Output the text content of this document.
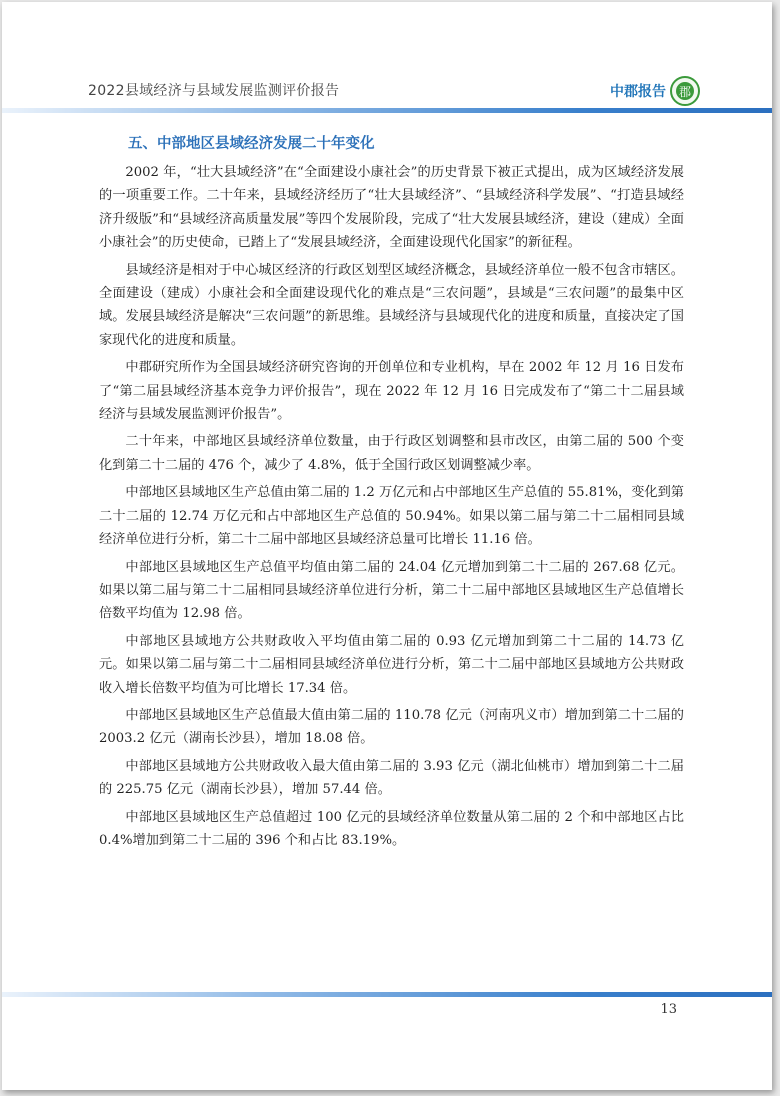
2022县域经济与县域发展监测评价报告	中郡报告 郡
五、中部地区县域经济发展二十年变化

2002 年，“壮大县域经济”在“全面建设小康社会”的历史背景下被正式提出，成为区域经济发展的一项重要工作。二十年来，县域经济经历了“壮大县域经济”、“县域经济科学发展”、“打造县域经济升级版”和“县域经济高质量发展”等四个发展阶段，完成了“壮大发展县域经济，建设（建成）全面小康社会”的历史使命，已踏上了“发展县域经济，全面建设现代化国家”的新征程。

县域经济是相对于中心城区经济的行政区划型区域经济概念，县域经济单位一般不包含市辖区。全面建设（建成）小康社会和全面建设现代化的难点是“三农问题”，县域是“三农问题”的最集中区域。发展县域经济是解决“三农问题”的新思维。县域经济与县域现代化的进度和质量，直接决定了国家现代化的进度和质量。

中郡研究所作为全国县域经济研究咨询的开创单位和专业机构，早在 2002 年 12 月 16 日发布了“第二届县域经济基本竞争力评价报告”，现在 2022 年 12 月 16 日完成发布了“第二十二届县域经济与县域发展监测评价报告”。

二十年来，中部地区县域经济单位数量，由于行政区划调整和县市改区，由第二届的 500 个变化到第二十二届的 476 个，减少了 4.8%，低于全国行政区划调整减少率。

中部地区县域地区生产总值由第二届的 1.2 万亿元和占中部地区生产总值的 55.81%，变化到第二十二届的 12.74 万亿元和占中部地区生产总值的 50.94%。如果以第二届与第二十二届相同县域经济单位进行分析，第二十二届中部地区县域经济总量可比增长 11.16 倍。

中部地区县域地区生产总值平均值由第二届的 24.04 亿元增加到第二十二届的 267.68 亿元。如果以第二届与第二十二届相同县域经济单位进行分析，第二十二届中部地区县域地区生产总值增长倍数平均值为 12.98 倍。

中部地区县域地方公共财政收入平均值由第二届的 0.93 亿元增加到第二十二届的 14.73 亿元。如果以第二届与第二十二届相同县域经济单位进行分析，第二十二届中部地区县域地方公共财政收入增长倍数平均值为可比增长 17.34 倍。

中部地区县域地区生产总值最大值由第二届的 110.78 亿元（河南巩义市）增加到第二十二届的 2003.2 亿元（湖南长沙县），增加 18.08 倍。

中部地区县域地方公共财政收入最大值由第二届的 3.93 亿元（湖北仙桃市）增加到第二十二届的 225.75 亿元（湖南长沙县），增加 57.44 倍。

中部地区县域地区生产总值超过 100 亿元的县域经济单位数量从第二届的 2 个和中部地区占比 0.4%增加到第二十二届的 396 个和占比 83.19%。

13
